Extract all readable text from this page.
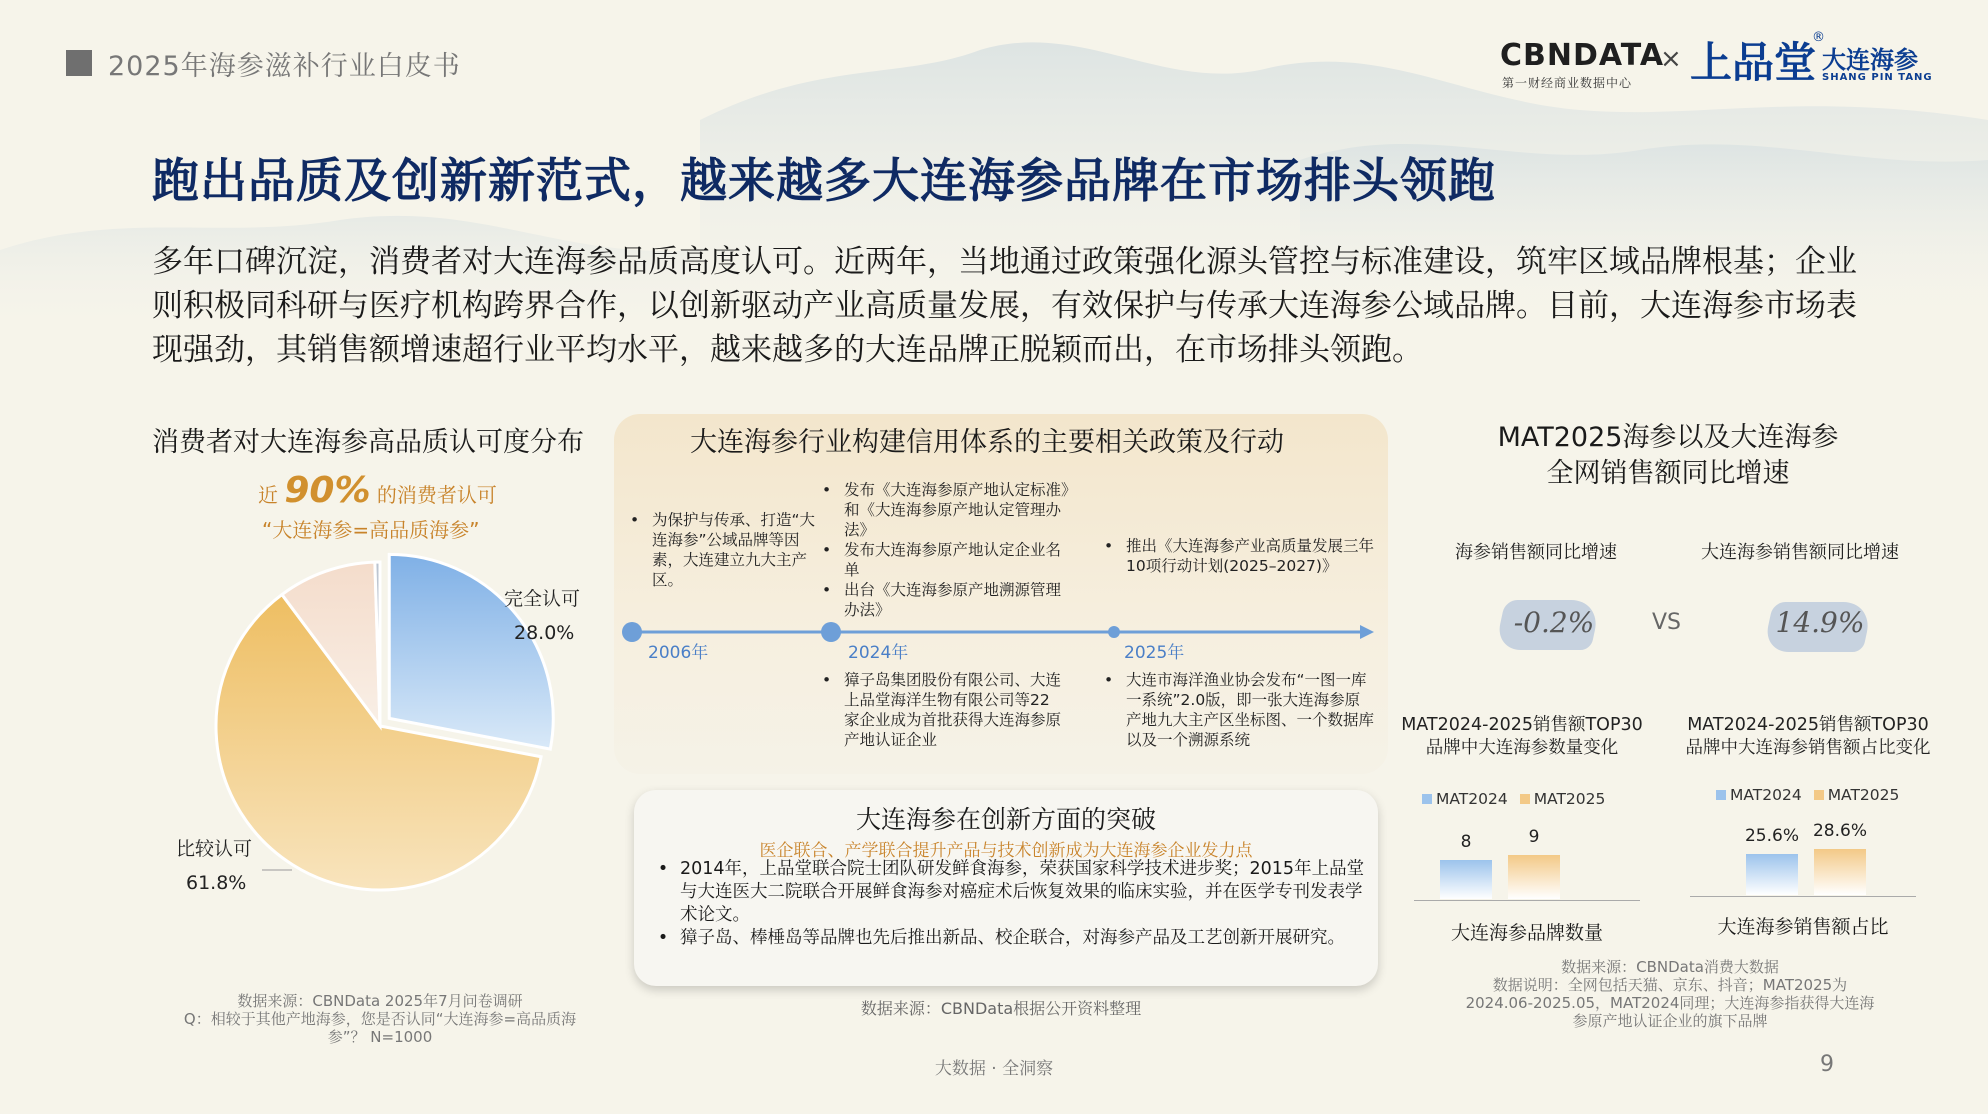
2025年海参滋补行业白皮书	CBNDATA
第一财经商业数据中心
× 上品堂
®
大连海参
SHANG PIN TANG
跑出品质及创新新范式，越来越多大连海参品牌在市场排头领跑
多年口碑沉淀，消费者对大连海参品质高度认可。近两年，当地通过政策强化源头管控与标准建设，筑牢区域品牌根基；企业则积极同科研与医疗机构跨界合作，以创新驱动产业高质量发展，有效保护与传承大连海参公域品牌。目前，大连海参市场表现强劲，其销售额增速超行业平均水平，越来越多的大连品牌正脱颖而出，在市场排头领跑。
消费者对大连海参高品质认可度分布
近 90% 的消费者认可
“大连海参=高品质海参”
完全认可
28.0%
比较认可
61.8%
数据来源：CBNData 2025年7月问卷调研
Q：相较于其他产地海参，您是否认同“大连海参=高品质海
参”？ N=1000
大连海参行业构建信用体系的主要相关政策及行动
2006年	2024年	2025年
• 为保护与传承、打造“大连海参”公域品牌等因素，大连建立九大主产区。
• 发布《大连海参原产地认定标准》和《大连海参原产地认定管理办法》
• 发布大连海参原产地认定企业名单
• 出台《大连海参原产地溯源管理办法》
• 推出《大连海参产业高质量发展三年10项行动计划(2025–2027)》
• 獐子岛集团股份有限公司、大连上品堂海洋生物有限公司等22家企业成为首批获得大连海参原产地认证企业
• 大连市海洋渔业协会发布“一图一库一系统”2.0版，即一张大连海参原产地九大主产区坐标图、一个数据库以及一个溯源系统
大连海参在创新方面的突破
医企联合、产学联合提升产品与技术创新成为大连海参企业发力点
• 2014年，上品堂联合院士团队研发鲜食海参，荣获国家科学技术进步奖；2015年上品堂与大连医大二院联合开展鲜食海参对癌症术后恢复效果的临床实验，并在医学专刊发表学术论文。
• 獐子岛、棒棰岛等品牌也先后推出新品、校企联合，对海参产品及工艺创新开展研究。
数据来源：CBNData根据公开资料整理
MAT2025海参以及大连海参
全网销售额同比增速
海参销售额同比增速	大连海参销售额同比增速
-0.2%	14.9%
VS
MAT2024-2025销售额TOP30
品牌中大连海参数量变化
MAT2024 MAT2025
8	9
大连海参品牌数量
MAT2024-2025销售额TOP30
品牌中大连海参销售额占比变化
MAT2024 MAT2025
25.6% 28.6%
大连海参销售额占比
数据来源：CBNData消费大数据
数据说明：全网包括天猫、京东、抖音；MAT2025为
2024.06-2025.05，MAT2024同理；大连海参指获得大连海
参原产地认证企业的旗下品牌
大数据 · 全洞察	9
